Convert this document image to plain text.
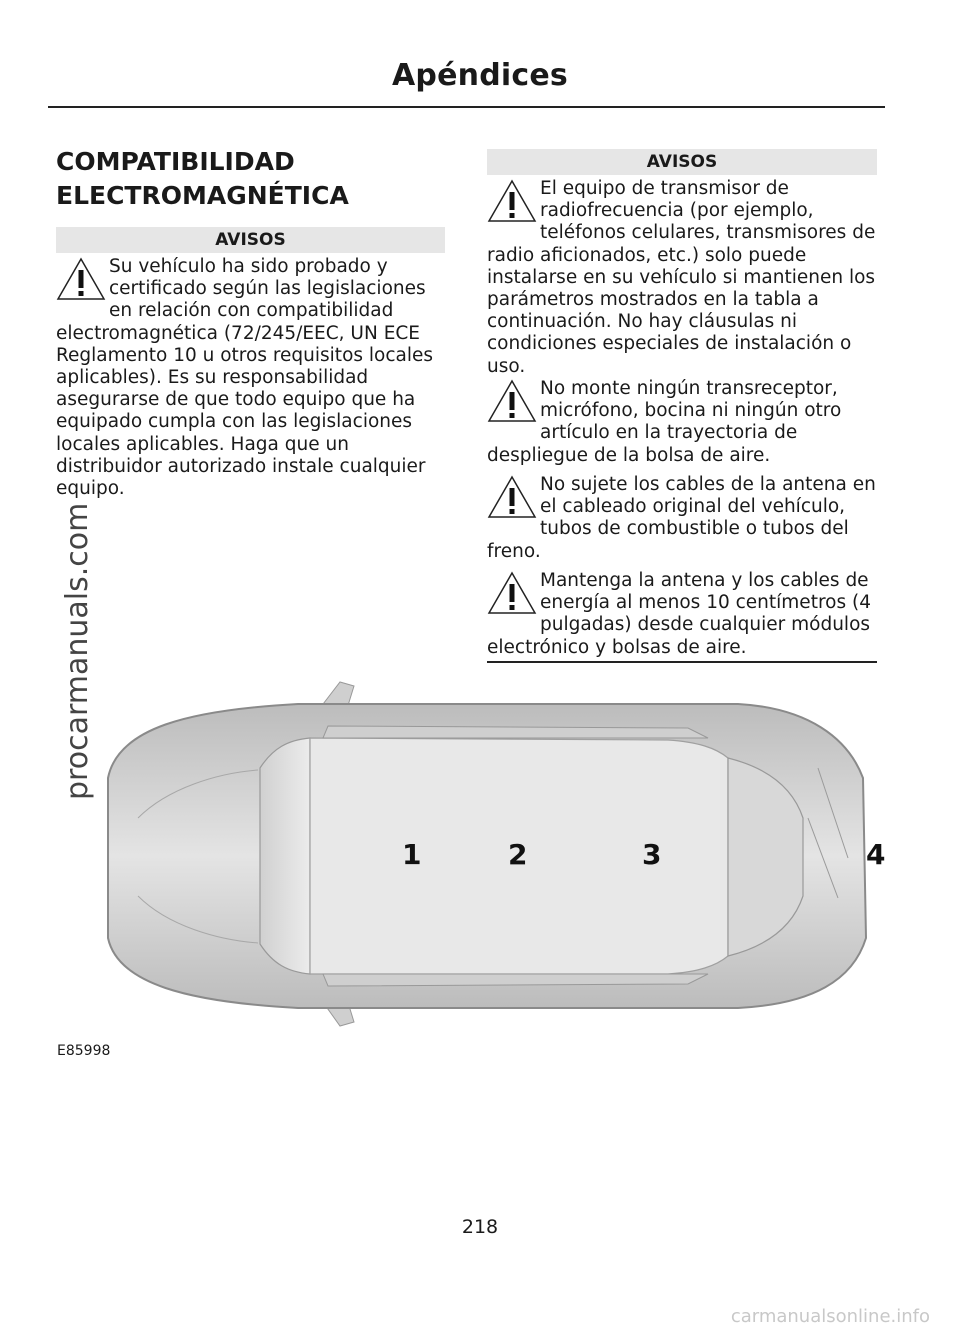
Apéndices
COMPATIBILIDAD
ELECTROMAGNÉTICA
AVISOS
Su vehículo ha sido probado y certificado según las legislaciones en relación con compatibilidad electromagnética (72/245/EEC, UN ECE Reglamento 10 u otros requisitos locales aplicables). Es su responsabilidad asegurarse de que todo equipo que ha equipado cumpla con las legislaciones locales aplicables. Haga que un distribuidor autorizado instale cualquier equipo.
AVISOS
El equipo de transmisor de radiofrecuencia (por ejemplo, teléfonos celulares, transmisores de radio aficionados, etc.) solo puede instalarse en su vehículo si mantienen los parámetros mostrados en la tabla a continuación. No hay cláusulas ni condiciones especiales de instalación o uso.
No monte ningún transreceptor, micrófono, bocina ni ningún otro artículo en la trayectoria de despliegue de la bolsa de aire.
No sujete los cables de la antena en el cableado original del vehículo, tubos de combustible o tubos del freno.
Mantenga la antena y los cables de energía al menos 10 centímetros (4 pulgadas) desde cualquier módulos electrónico y bolsas de aire.
1	2	3	4
E85998
218
procarmanuals.com
carmanualsonline.info
